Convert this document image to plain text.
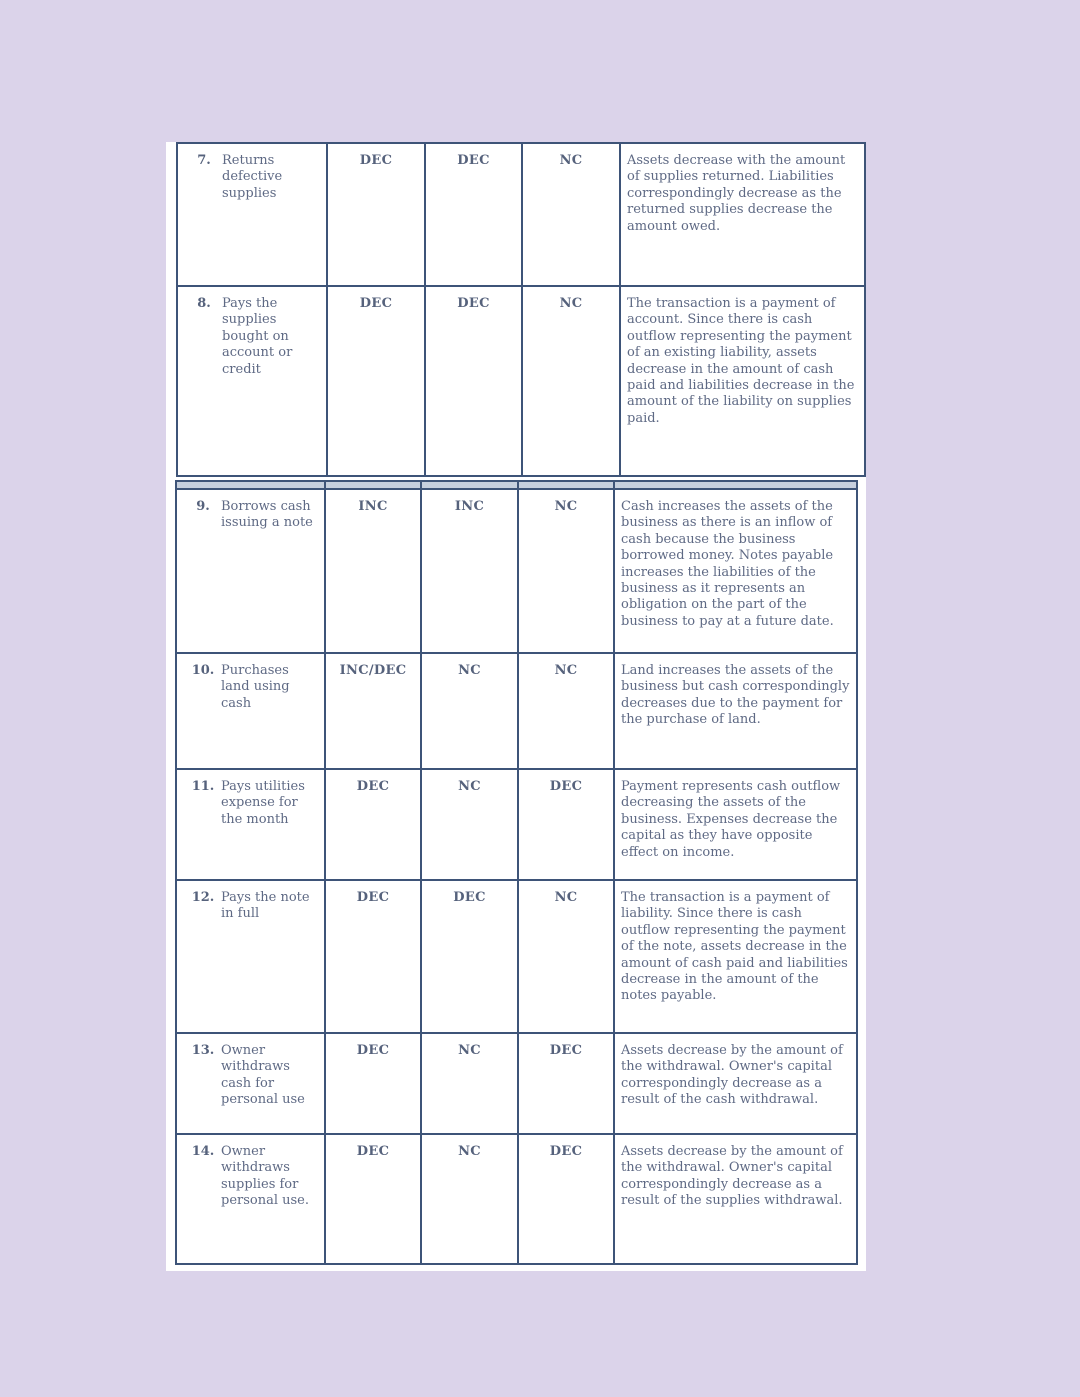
7. Returns defective supplies	DEC	DEC	NC	Assets decrease with the amount of supplies returned. Liabilities correspondingly decrease as the returned supplies decrease the amount owed.

8. Pays the supplies bought on account or credit	DEC	DEC	NC	The transaction is a payment of account. Since there is cash outflow representing the payment of an existing liability, assets decrease in the amount of cash paid and liabilities decrease in the amount of the liability on supplies paid.

9. Borrows cash issuing a note	INC	INC	NC	Cash increases the assets of the business as there is an inflow of cash because the business borrowed money. Notes payable increases the liabilities of the business as it represents an obligation on the part of the business to pay at a future date.

10. Purchases land using cash	INC/DEC	NC	NC	Land increases the assets of the business but cash correspondingly decreases due to the payment for the purchase of land.

11. Pays utilities expense for the month	DEC	NC	DEC	Payment represents cash outflow decreasing the assets of the business. Expenses decrease the capital as they have opposite effect on income.

12. Pays the note in full	DEC	DEC	NC	The transaction is a payment of liability. Since there is cash outflow representing the payment of the note, assets decrease in the amount of cash paid and liabilities decrease in the amount of the notes payable.

13. Owner withdraws cash for personal use	DEC	NC	DEC	Assets decrease by the amount of the withdrawal. Owner's capital correspondingly decrease as a result of the cash withdrawal.

14. Owner withdraws supplies for personal use.	DEC	NC	DEC	Assets decrease by the amount of the withdrawal. Owner's capital correspondingly decrease as a result of the supplies withdrawal.
